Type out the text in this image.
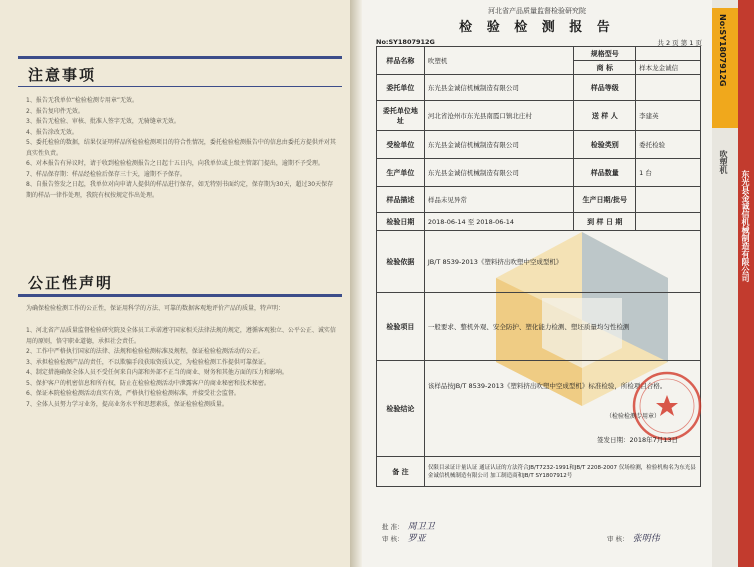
注意事项
1、报告无我单位“检验检测专用章”无效。
2、报告复印件无效。
3、报告无检验、审核、批准人签字无效，无骑缝章无效。
4、报告涂改无效。
5、委托检验的数据，结果仅证明样品所检验检测项目的符合性情况，委托检验检测报告中的信息由委托方提供并对其真实性负责。
6、对本报告有异议时，请于收到检验检测报告之日起十五日内，向我单位或上级主管部门提出，逾期不予受理。
7、样品保存期：样品经检验后保存三十天，逾期不予保存。
8、自报告签发之日起，我单位对向申请人提供的样品进行保存，如无特别书面约定，保存期为30天，超过30天保存期的样品一律作处理，我院有权按规定作出处理。
公正性声明

为确保检验检测工作的公正性，保证用科学的方法、可靠的数据客观地评价产品的质量，特声明：

1、河北省产品质量监督检验研究院及全体员工承诺遵守国家相关法律法规的规定，遵循客观独立、公平公正、诚实信用的原则，恪守职业道德，承担社会责任。
2、工作中严格执行国家的法律、法规和检验检测标准及规程，保证检验检测活动的公正。
3、承担检验检测产品的责任，不以欺骗手段获取资质认定，为检验检测工作提供可靠保证。
4、制定措施确保全体人员不受任何来自内部和外部不正当的商业、财务和其他方面的压力和影响。
5、保护客户的机密信息和所有权，防止在检验检测活动中泄露客户的商业秘密和技术秘密。
6、保证本院检验检测活动真实有效，严格执行检验检测标准，并接受社会监督。
7、全体人员努力学习业务，提高业务水平和思想素质，保证检验检测质量。

河北省产品质量监督检验研究院

检 验 检 测 报 告
No:SY1807912G	共 2 页 第 1 页
样品名称	吹塑机	规格型号	
		商 标	样本龙金诚信
委托单位	东光县金诚信机械制造有限公司	样品等级	
委托单位地址	河北省沧州市东光县南霞口镇北庄村	送 样 人	李建英
受检单位	东光县金诚信机械制造有限公司	检验类别	委托检验
生产单位	东光县金诚信机械制造有限公司	样品数量	1 台
样品描述	样品未见异常	生产日期/批号	
检验日期	2018-06-14 至 2018-06-14	到 样 日 期	
检验依据	JB/T 8539-2013《塑料挤出吹塑中空成型机》		
检验项目	一般要求、整机外观、安全防护、塑化能力检测、塑坯质量均匀性检测		
检验结论	该样品按JB/T 8539-2013《塑料挤出吹塑中空成型机》标准检验，所检项目合格。
（检验检测专用章）
签发日期：2018年7月13日		

备 注	仅限目录证计量认证 通证认证的方法符合JB/T7232-1991和JB/T 2208-2007 仅场检测，检验机构名为东光县金诚信机械制造有限公司 加工制造商和JB/T SY1807912号		
批 准： 周卫卫
审 核： 罗亚	审 核： 张明伟

No:SY1807912G

吹塑机

东光县金诚信机械制造有限公司
